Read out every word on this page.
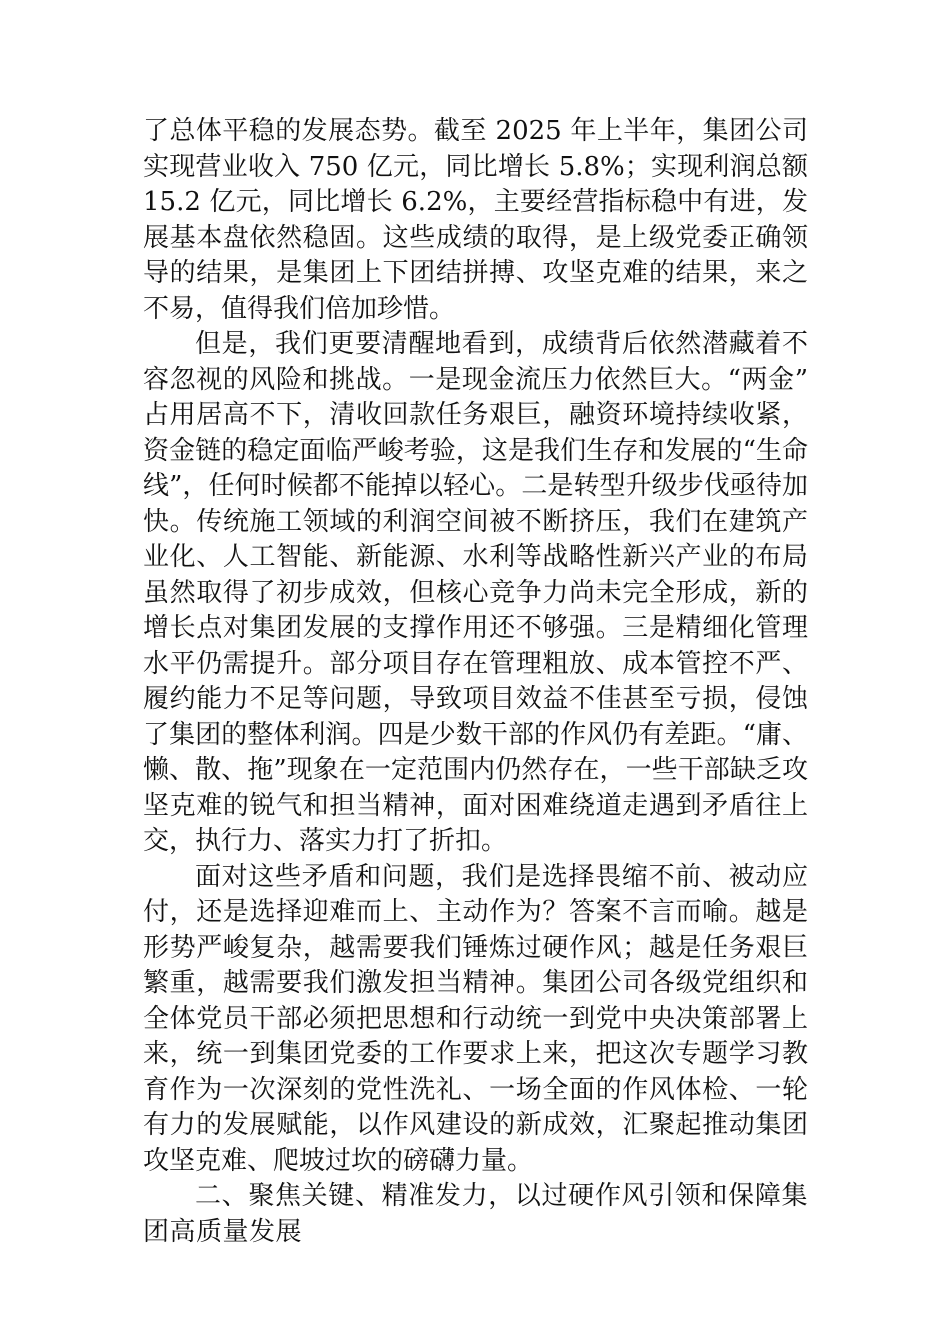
了总体平稳的发展态势。截至 2025 年上半年，集团公司实现营业收入 750 亿元，同比增长 5.8%；实现利润总额 15.2 亿元，同比增长 6.2%，主要经营指标稳中有进，发展基本盘依然稳固。这些成绩的取得，是上级党委正确领导的结果，是集团上下团结拼搏、攻坚克难的结果，来之不易，值得我们倍加珍惜。

但是，我们更要清醒地看到，成绩背后依然潜藏着不容忽视的风险和挑战。一是现金流压力依然巨大。“两金”占用居高不下，清收回款任务艰巨，融资环境持续收紧，资金链的稳定面临严峻考验，这是我们生存和发展的“生命线”，任何时候都不能掉以轻心。二是转型升级步伐亟待加快。传统施工领域的利润空间被不断挤压，我们在建筑产业化、人工智能、新能源、水利等战略性新兴产业的布局虽然取得了初步成效，但核心竞争力尚未完全形成，新的增长点对集团发展的支撑作用还不够强。三是精细化管理水平仍需提升。部分项目存在管理粗放、成本管控不严、履约能力不足等问题，导致项目效益不佳甚至亏损，侵蚀了集团的整体利润。四是少数干部的作风仍有差距。“庸、懒、散、拖”现象在一定范围内仍然存在，一些干部缺乏攻坚克难的锐气和担当精神，面对困难绕道走遇到矛盾往上交，执行力、落实力打了折扣。

面对这些矛盾和问题，我们是选择畏缩不前、被动应付，还是选择迎难而上、主动作为？答案不言而喻。越是形势严峻复杂，越需要我们锤炼过硬作风；越是任务艰巨繁重，越需要我们激发担当精神。集团公司各级党组织和全体党员干部必须把思想和行动统一到党中央决策部署上来，统一到集团党委的工作要求上来，把这次专题学习教育作为一次深刻的党性洗礼、一场全面的作风体检、一轮有力的发展赋能，以作风建设的新成效，汇聚起推动集团攻坚克难、爬坡过坎的磅礴力量。

二、聚焦关键、精准发力，以过硬作风引领和保障集团高质量发展
